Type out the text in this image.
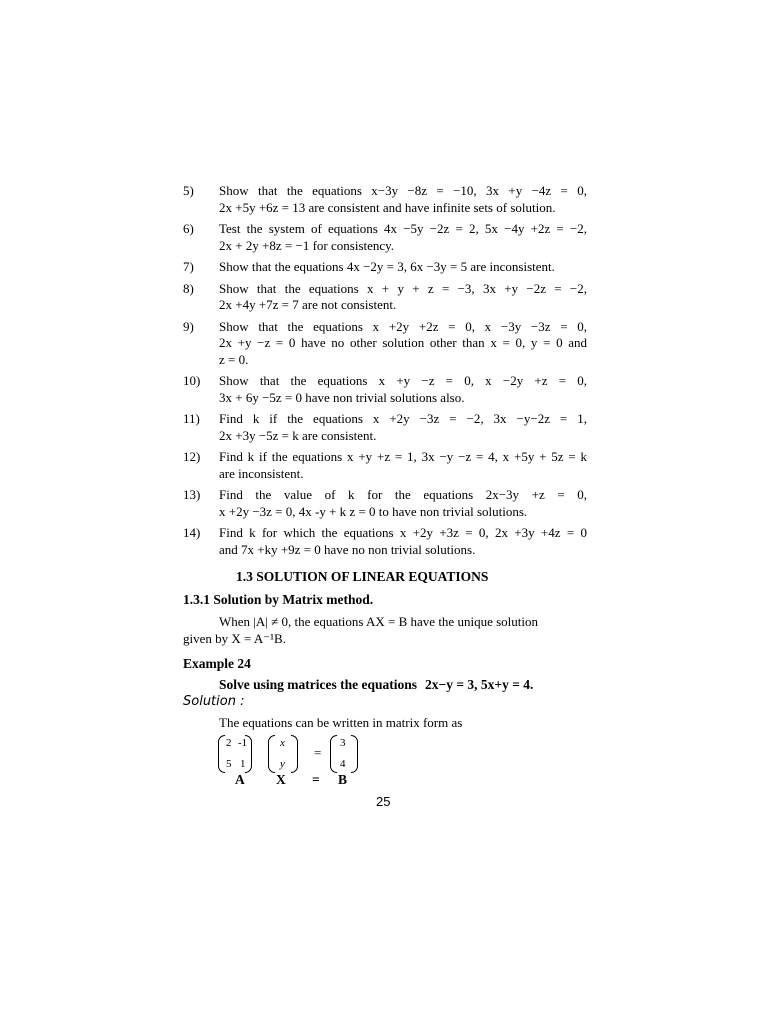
5)	Show that the equations x−3y −8z = −10, 3x +y −4z = 0,
2x +5y +6z = 13 are consistent and have infinite sets of solution.
6)	Test the system of equations 4x −5y −2z = 2, 5x −4y +2z = −2,
2x + 2y +8z = −1 for consistency.
7)	Show that the equations 4x −2y = 3, 6x −3y = 5 are inconsistent.
8)	Show that the equations x + y + z = −3, 3x +y −2z = −2,
2x +4y +7z = 7 are not consistent.
9)	Show that the equations x +2y +2z = 0, x −3y −3z = 0,
2x +y −z = 0 have no other solution other than x = 0, y = 0 and
z = 0.
10)	Show that the equations x +y −z = 0, x −2y +z = 0,
3x + 6y −5z = 0 have non trivial solutions also.
11)	Find k if the equations x +2y −3z = −2, 3x −y−2z = 1,
2x +3y −5z = k are consistent.
12)	Find k if the equations x +y +z = 1, 3x −y −z = 4, x +5y + 5z = k
are inconsistent.
13)	Find the value of k for the equations 2x−3y +z = 0,
x +2y −3z = 0, 4x -y + k z = 0 to have non trivial solutions.
14)	Find k for which the equations x +2y +3z = 0, 2x +3y +4z = 0
and 7x +ky +9z = 0 have no non trivial solutions.
1.3 SOLUTION OF LINEAR EQUATIONS
1.3.1 Solution by Matrix method.
When |A| ≠ 0, the equations AX = B have the unique solution
given by X = A⁻¹B.
Example 24
Solve using matrices the equations 2x−y = 3, 5x+y = 4.
Solution :
The equations can be written in matrix form as
2 -1
5 1
x
y
=
3
4
A X = B
25
